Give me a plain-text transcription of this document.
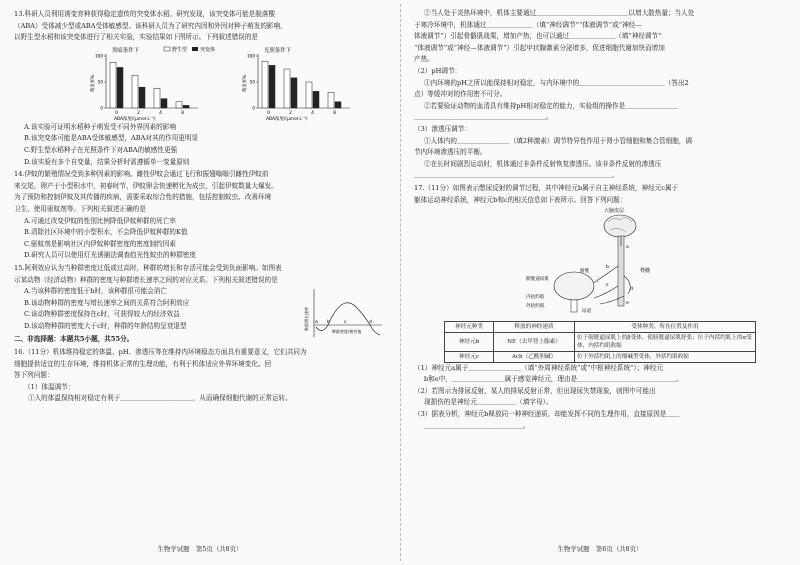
13.科研人员利用诱变育种获得稳定遗传的突变体水稻。研究发现，该突变体可能是脱落酸

（ABA）受体减少型或ABA受体敏感型。该科研人员为了研究内因和外因对种子萌发的影响，

以野生型水稻和该突变体进行了相关实验，实验结果如下图所示。下列叙述错误的是

黑暗条件下	光照条件下
野生型	突变体
0
50
100
萌发率%
0	2	4	8
ABA浓度/(μmol·L⁻¹)
0
50
100
萌发率%
0	2	4	8
ABA浓度/(μmol·L⁻¹)

A.该实验可证明水稻种子萌发受不同外界因素的影响

B.该突变体可能是ABA受体敏感型，ABA对其的作用更明显

C.野生型水稻种子在光照条件下对ABA的敏感性更强

D.该实验有多个自变量，结果分析时需遵循单一变量原则

14.伊蚊的繁殖情况受到多种因素的影响。雌性伊蚊会通过飞行和振翅嗡嗡引雌性伊蚊前

来交尾，卵产于小型积水中，初春时节，伊蚊卵会快速孵化为成虫，引起伊蚊数量大爆发。

为了预防和控制伊蚊及其传播的疾病，需要采取综合性的措施，包括控制蚊虫、改善环境

卫生、使用驱蚊剂等。下列相关叙述正确的是

A.可通过改变伊蚊的性别比例降低伊蚊种群的死亡率

B.清除社区环境中的小型积水，不会降低伊蚊种群的K值

C.驱蚊剂是影响社区内伊蚊种群密度的密度制约因素

D.研究人员可以使用灯光诱捕法调查趋光性蚊虫的种群密度

15.阿利效应认为当种群密度过低或过高时，种群的增长和存活可能会受到负面影响。如图表

示某动物（经济动物）种群的密度与种群增长速率之间的对应关系。下列相关叙述错误的是

A.当该种群的密度低于b时，该种群很可能会消亡

B.该动物种群的密度与增长速率之间的关系符合阿利效应

C.该动物种群密度保持在c时，可获得较大的经济效益

D.该动物种群的密度大于c时，种群的年龄结构呈衰退型	a b	c	d
种群增长速率
种群密度/相对值

二、非选择题：本题共5小题，共55分。

16.（11分）机体维持稳定的体温、pH、渗透压等在维持内环境稳态方面具有重要意义，它们共同为

细胞提供适宜的生存环境，维持机体正常的生理功能，有利于机体适应外界环境变化。回

答下列问题：

（1）体温调节：

①人的体温保持相对稳定有利于＿＿＿＿＿＿＿＿＿＿＿，从而确保细胞代谢的正常运转。

生物学试题　第5页（共8页）

②当人处于炎热环境中，机体主要通过＿＿＿＿＿＿＿＿＿＿＿＿＿＿以增大散热量；当人处

于寒冷环境中，机体通过＿＿＿＿＿＿＿（填“神经调节”“体液调节”或“神经—

体液调节”）引起骨骼肌战栗，增加产热，也可以通过＿＿＿＿＿＿＿（填“神经调节”

“体液调节”或“神经—体液调节”）引起甲状腺激素分泌增多，促进细胞代谢加快而增加

产热。

（2）pH调节：

①内环境的pH之所以能保持相对稳定，与内环境中的＿＿＿＿＿＿＿＿＿＿＿＿＿（答出2

点）等缓冲对的作用密不可分。

②若要验证动物的血清具有维持pH相对稳定的能力，实验组的操作是＿＿＿＿＿＿＿＿

＿＿＿＿＿＿＿＿＿＿＿＿＿＿＿＿＿＿＿＿。

（3）渗透压调节：

①人体内的＿＿＿＿＿＿＿＿（填2种激素）调节特异性作用于肾小管细胞和集合管细胞，调

节内环境渗透压的平衡。

②在长时间剧烈运动时，机体通过非条件反射恢复渗透压。该非条件反射的渗透压

＿＿＿＿＿＿＿＿＿＿＿＿＿＿＿＿＿＿＿＿＿＿＿＿＿＿＿＿＿＿。

17.（11分）如图表示憋尿反射的调节过程，其中神经元b属于自主神经系统，神经元c属于

躯体运动神经系统，神经元b和c的相关信息如下表所示。回答下列问题：

大脑皮层
脊髓
a
b
c
d
e
膀胱
膀胱逼尿肌
内括约肌
外括约肌
尿道
神经元种类	释放的神经递质	受体种类、所在位置及作用
神经元b	NE（去甲肾上腺素）	位于膀胱逼尿肌上的β受体，使膀胱逼尿肌舒张；位于内括约肌上的α受体，内括约肌收缩
神经元c	Ach（乙酰胆碱）	位于外括约肌上的烟碱型受体，外括约肌收缩

（1）神经元a属于＿＿＿＿＿＿＿＿（填“外周神经系统”或“中枢神经系统”）；神经元

b和e中，＿＿＿＿＿＿＿＿属于感觉神经元，理由是＿＿＿＿＿＿＿＿＿＿＿＿＿＿＿。

（2）若图示为排尿反射，某人的排尿反射正常，但出现尿失禁现象，则图中可能出

现损伤的是神经元＿＿＿＿＿＿（填字母）。

（3）据表分析，神经元b释放同一种神经递质，却能发挥不同的生理作用，直接原因是＿＿

＿＿＿＿＿＿＿＿＿＿＿＿＿＿＿。

生物学试题　第6页（共8页）
